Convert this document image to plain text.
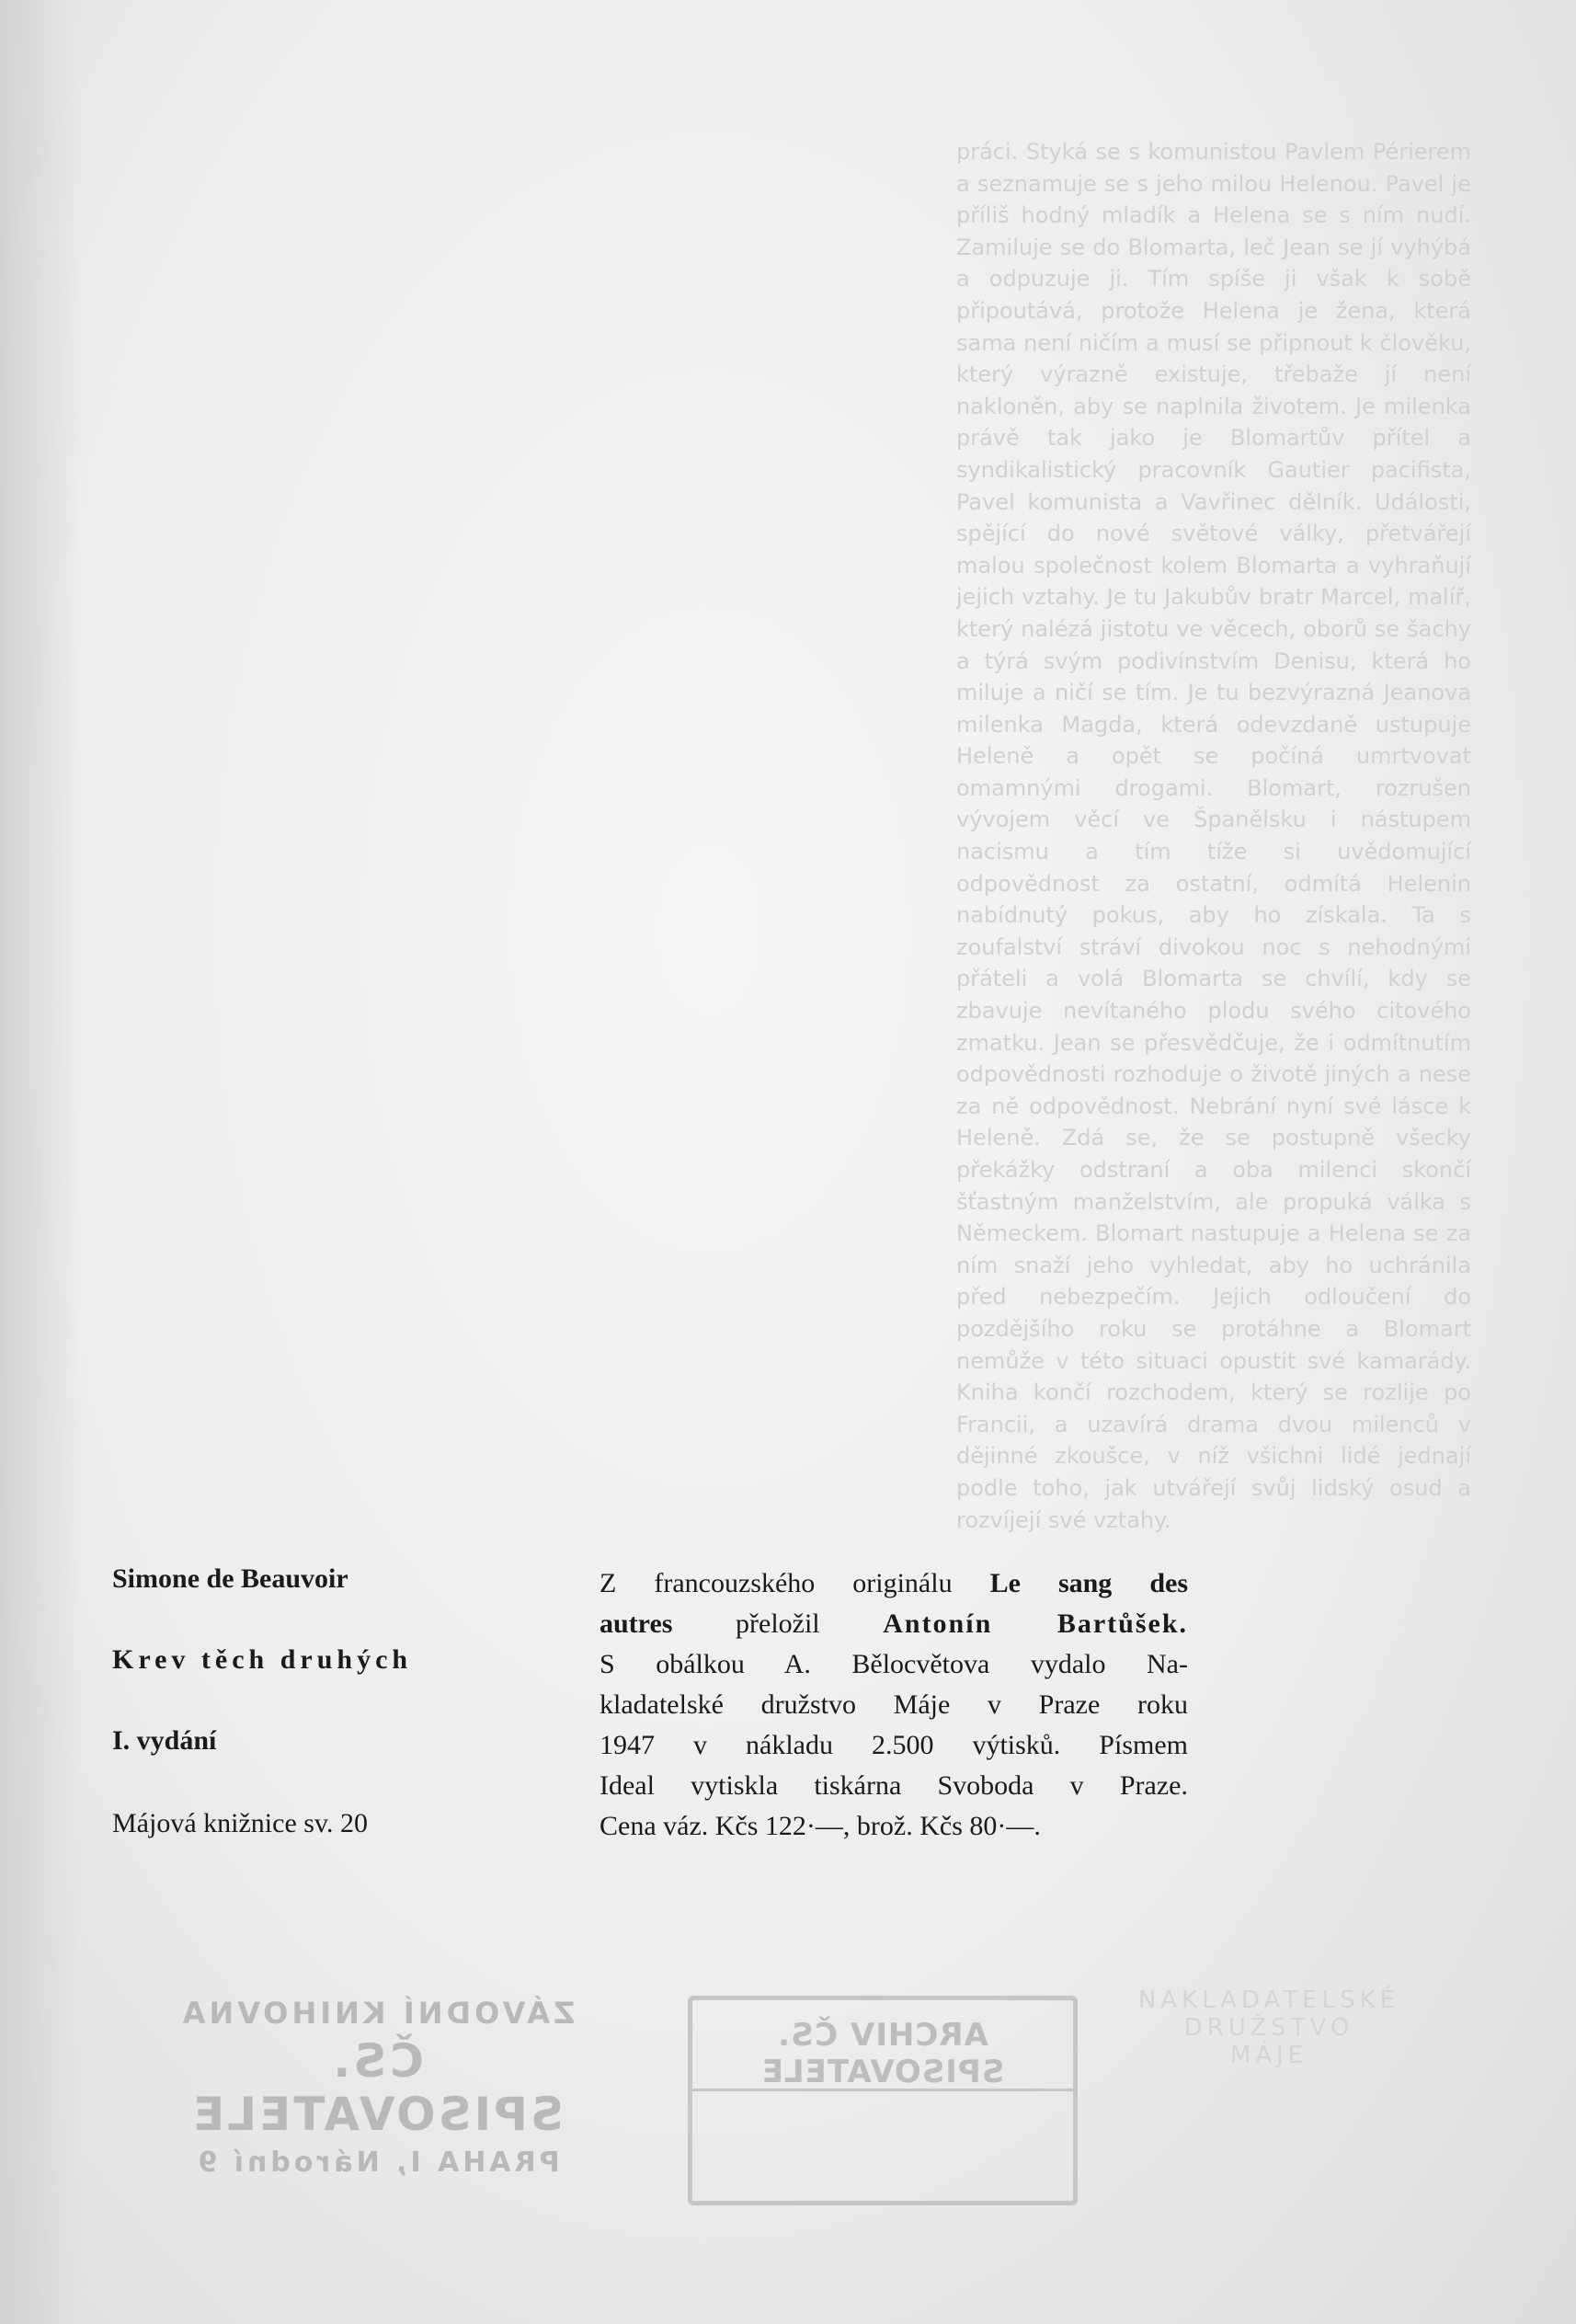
práci. Styká se s komunistou Pavlem Périerem a seznamuje se s jeho milou Helenou. Pavel je příliš hodný mladík a Helena se s ním nudí. Zamiluje se do Blomarta, leč Jean se jí vyhýbá a odpuzuje ji. Tím spíše ji však k sobě připoutává, protože Helena je žena, která sama není ničím a musí se připnout k člověku, který výrazně existuje, třebaže jí není nakloněn, aby se naplnila životem. Je milenka právě tak jako je Blomartův přítel a syndikalistický pracovník Gautier pacifista, Pavel komunista a Vavřinec dělník. Události, spějící do nové světové války, přetvářejí malou společnost kolem Blomarta a vyhraňují jejich vztahy. Je tu Jakubův bratr Marcel, malíř, který nalézá jistotu ve věcech, oborů se šachy a týrá svým podivínstvím Denisu, která ho miluje a ničí se tím. Je tu bezvýrazná Jeanova milenka Magda, která odevzdaně ustupuje Heleně a opět se počíná umrtvovat omamnými drogami. Blomart, rozrušen vývojem věcí ve Španělsku i nástupem nacismu a tím tíže si uvědomující odpovědnost za ostatní, odmítá Helenin nabídnutý pokus, aby ho získala. Ta s zoufalství stráví divokou noc s nehodnými přáteli a volá Blomarta se chvílí, kdy se zbavuje nevítaného plodu svého citového zmatku. Jean se přesvědčuje, že i odmítnutím odpovědnosti rozhoduje o životě jiných a nese za ně odpovědnost. Nebrání nyní své lásce k Heleně. Zdá se, že se postupně všecky překážky odstraní a oba milenci skončí šťastným manželstvím, ale propuká válka s Německem. Blomart nastupuje a Helena se za ním snaží jeho vyhledat, aby ho uchránila před nebezpečím. Jejich odloučení do pozdějšího roku se protáhne a Blomart nemůže v této situaci opustit své kamarády. Kniha končí rozchodem, který se rozlije po Francii, a uzavírá drama dvou milenců v dějinné zkoušce, v níž všichni lidé jednají podle toho, jak utvářejí svůj lidský osud a rozvíjejí své vztahy.

Simone de Beauvoir
Krev těch druhých
I. vydání
Májová knižnice sv. 20
Z francouzského originálu Le sang des
autres přeložil Antonín Bartůšek.
S obálkou A. Bělocvětova vydalo Na-
kladatelské družstvo Máje v Praze roku
1947 v nákladu 2.500 výtisků. Písmem
Ideal vytiskla tiskárna Svoboda v Praze.
Cena váz. Kčs 122·—, brož. Kčs 80·—.
ZÁVODNÍ KNIHOVNA
ČS. SPISOVATELE
PRAHA I, Národní 9
ARCHIV ČS. SPISOVATELE
NAKLADATELSKÉ DRUŽSTVO
MÁJE
